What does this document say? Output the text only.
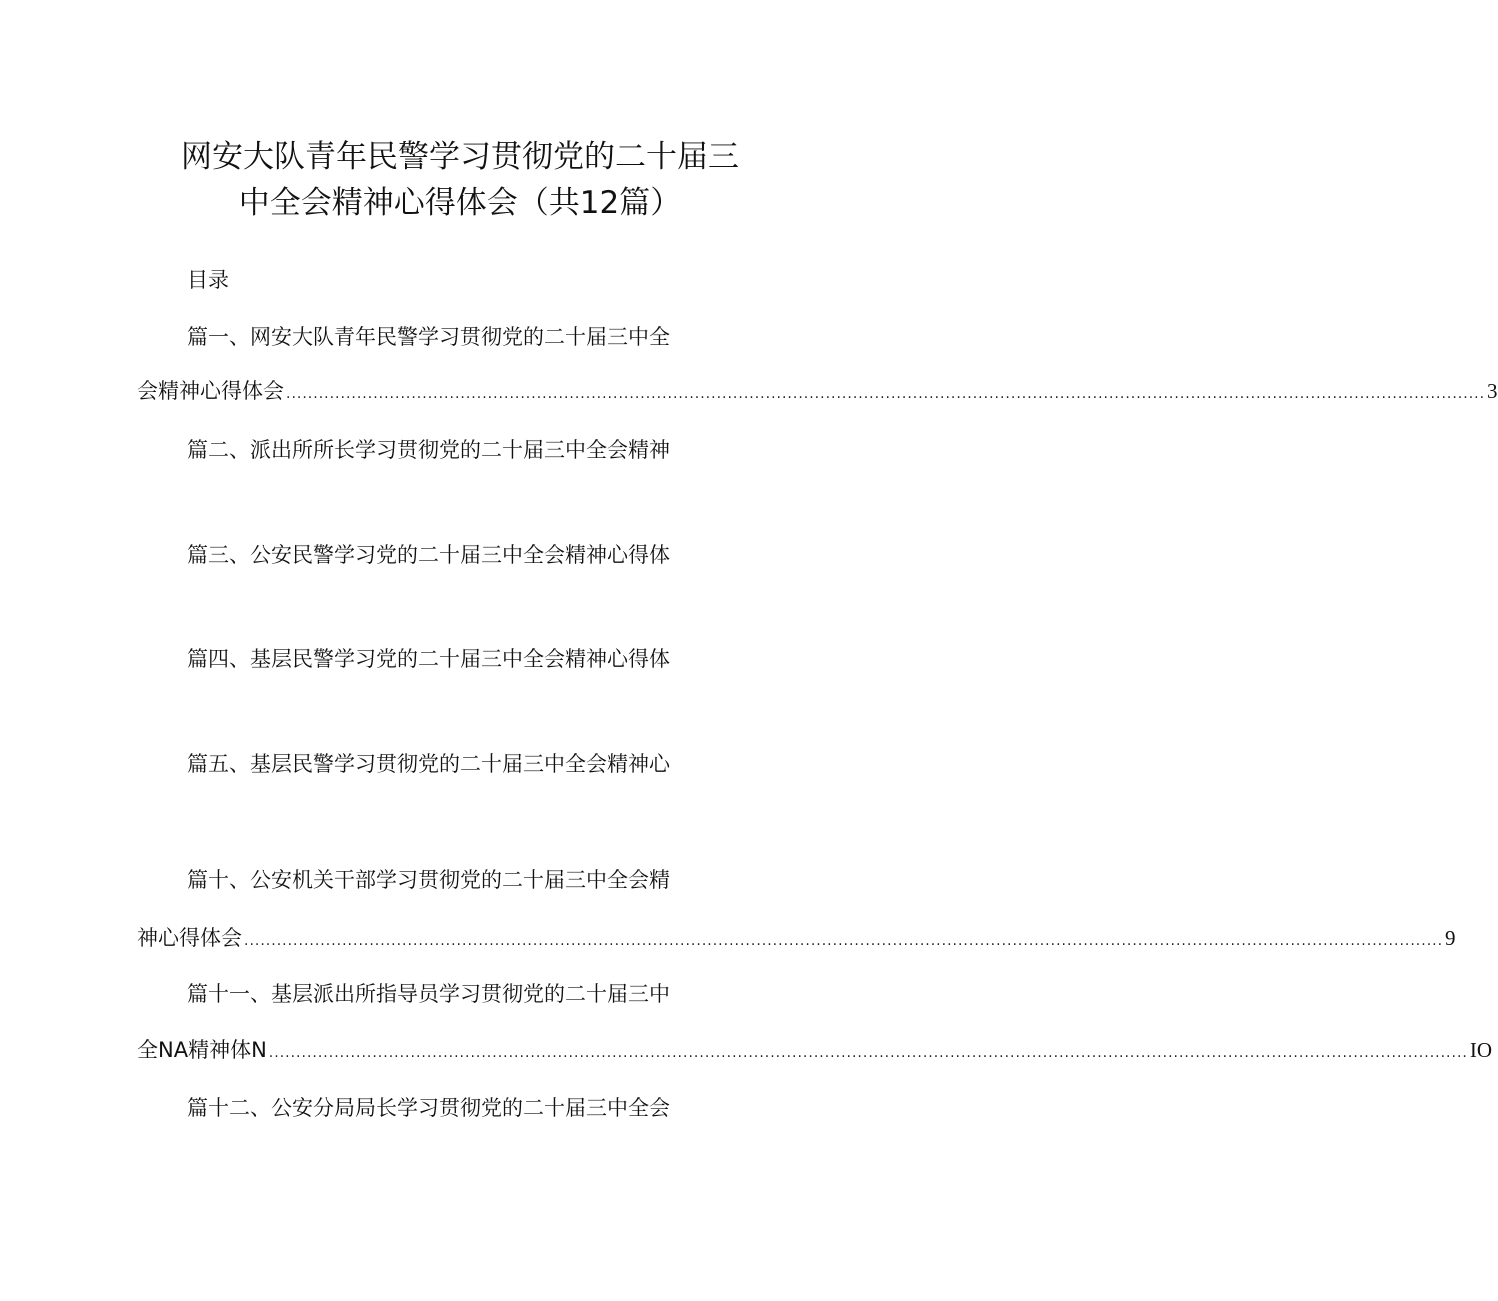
网安大队青年民警学习贯彻党的二十届三
中全会精神心得体会（共12篇）
目录
篇一、网安大队青年民警学习贯彻党的二十届三中全
会精神心得体会 ............................................................................................................................................................................................................................ 3
篇二、派出所所长学习贯彻党的二十届三中全会精神
篇三、公安民警学习党的二十届三中全会精神心得体
篇四、基层民警学习党的二十届三中全会精神心得体
篇五、基层民警学习贯彻党的二十届三中全会精神心
篇十、公安机关干部学习贯彻党的二十届三中全会精
神心得体会 ............................................................................................................................................................................................................................ 9
篇十一、基层派出所指导员学习贯彻党的二十届三中
全NA精神体N ............................................................................................................................................................................................................................ IO
篇十二、公安分局局长学习贯彻党的二十届三中全会
